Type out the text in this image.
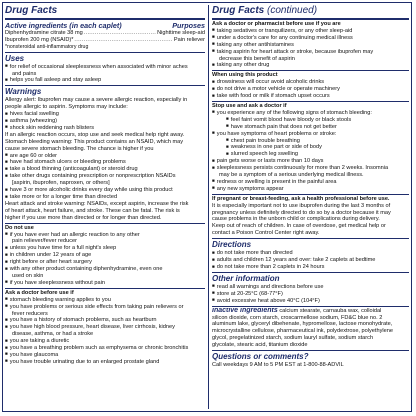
Drug Facts
Active ingredients (in each caplet)	Purposes
Diphenhydramine citrate 38 mg .....	Nighttime sleep-aid
Ibuprofen 200 mg (NSAID)* .....	Pain reliever
*nonsteroidal anti-inflammatory drug
Uses
■ for relief of occasional sleeplessness when associated with minor aches
and pains
■ helps you fall asleep and stay asleep
Warnings
Allergy alert: Ibuprofen may cause a severe allergic reaction, especially in
people allergic to aspirin. Symptoms may include:
■ hives facial swelling
■ asthma (wheezing)
■ shock skin reddening rash blisters
If an allergic reaction occurs, stop use and seek medical help right away.
Stomach bleeding warning: This product contains an NSAID, which may
cause severe stomach bleeding. The chance is higher if you
■ are age 60 or older
■ have had stomach ulcers or bleeding problems
■ take a blood thinning (anticoagulant) or steroid drug
■ take other drugs containing prescription or nonprescription NSAIDs
[aspirin, ibuprofen, naproxen, or others]
■ have 3 or more alcoholic drinks every day while using this product
■ take more or for a longer time than directed
Heart attack and stroke warning: NSAIDs, except aspirin, increase the risk
of heart attack, heart failure, and stroke. These can be fatal. The risk is
higher if you use more than directed or for longer than directed.
Do not use
■ if you have ever had an allergic reaction to any other
pain reliever/fever reducer
■ unless you have time for a full night's sleep
■ in children under 12 years of age
■ right before or after heart surgery
■ with any other product containing diphenhydramine, even one
used on skin
■ if you have sleeplessness without pain
Ask a doctor before use if
■ stomach bleeding warning applies to you
■ you have problems or serious side effects from taking pain relievers or
fever reducers
■ you have a history of stomach problems, such as heartburn
■ you have high blood pressure, heart disease, liver cirrhosis, kidney
disease, asthma, or had a stroke
■ you are taking a diuretic
■ you have a breathing problem such as emphysema or chronic bronchitis
■ you have glaucoma
■ you have trouble urinating due to an enlarged prostate gland
Drug Facts (continued)
Ask a doctor or pharmacist before use if you are
■ taking sedatives or tranquilizers, or any other sleep-aid
■ under a doctor's care for any continuing medical illness
■ taking any other antihistamines
■ taking aspirin for heart attack or stroke, because ibuprofen may
decrease this benefit of aspirin
■ taking any other drug
When using this product
■ drowsiness will occur avoid alcoholic drinks
■ do not drive a motor vehicle or operate machinery
■ take with food or milk if stomach upset occurs
Stop use and ask a doctor if
■ you experience any of the following signs of stomach bleeding:
■ feel faint vomit blood have bloody or black stools
■ have stomach pain that does not get better
■ you have symptoms of heart problems or stroke:
■ chest pain trouble breathing
■ weakness in one part or side of body
■ slurred speech leg swelling
■ pain gets worse or lasts more than 10 days
■ sleeplessness persists continuously for more than 2 weeks. Insomnia
may be a symptom of a serious underlying medical illness.
■ redness or swelling is present in the painful area
■ any new symptoms appear
If pregnant or breast-feeding, ask a health professional before use.
It is especially important not to use ibuprofen during the last 3 months of
pregnancy unless definitely directed to do so by a doctor because it may
cause problems in the unborn child or complications during delivery.
Keep out of reach of children. In case of overdose, get medical help or
contact a Poison Control Center right away.
Directions
■ do not take more than directed
■ adults and children 12 years and over: take 2 caplets at bedtime
■ do not take more than 2 caplets in 24 hours
Other information
■ read all warnings and directions before use
■ store at 20-25°C (68-77°F)
■ avoid excessive heat above 40°C (104°F)
Inactive ingredients calcium stearate, carnauba wax, colloidal
silicon dioxide, corn starch, croscarmellose sodium, FD&C blue no. 2
aluminum lake, glyceryl dibehenate, hypromellose, lactose monohydrate,
microcrystalline cellulose, pharmaceutical ink, polydextrose, polyethylene
glycol, pregelatinized starch, sodium lauryl sulfate, sodium starch
glycolate, stearic acid, titanium dioxide
Questions or comments?
Call weekdays 9 AM to 5 PM EST at 1-800-88-ADVIL
